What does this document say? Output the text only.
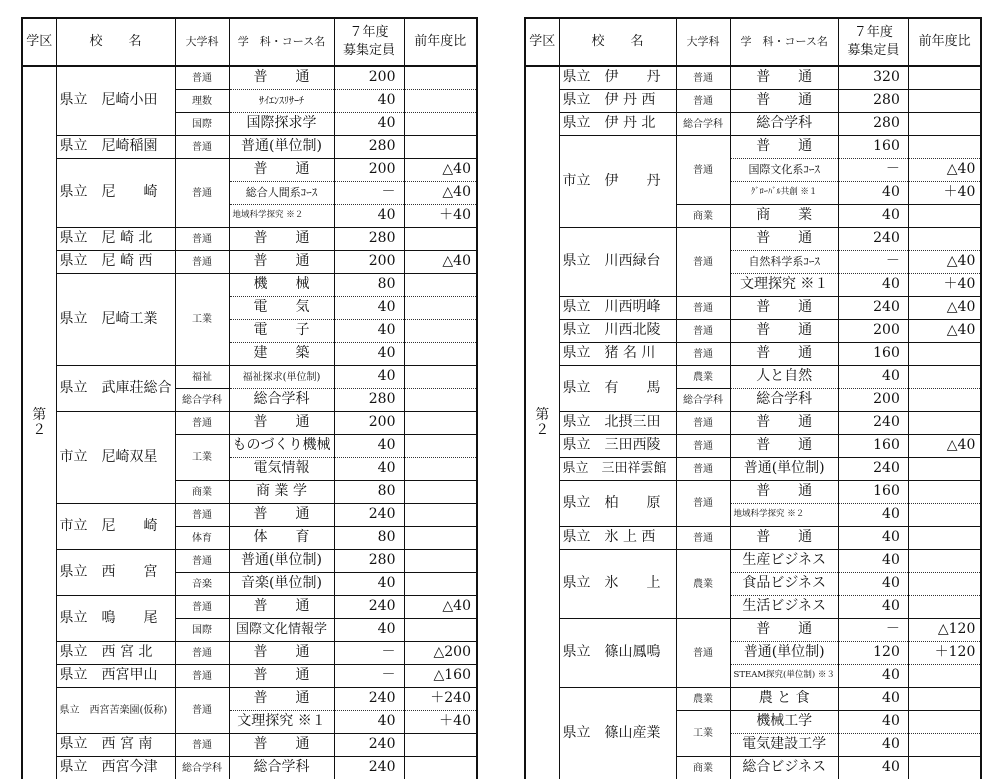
学区	校　　名	大学科	学　科・コース名	７年度
募集定員	前年度比
第
２	県立　尼崎小田	普通	普　　通	200	
		理数	ｻｲｴﾝｽﾘｻｰﾁ	40	
		国際	国際探求学	40	
	県立　尼崎稲園	普通	普通(単位制)	280	
	県立　尼　　崎	普通	普　　通	200	△40
			総合人間系ｺｰｽ	－	△40
			地域科学探究 ※２	40	＋40
	県立　尼 崎 北	普通	普　　通	280	
	県立　尼 崎 西	普通	普　　通	200	△40
	県立　尼崎工業	工業	機　　械	80	
			電　　気	40	
			電　　子	40	
			建　　築	40	
	県立　武庫荘総合	福祉	福祉探求(単位制)	40	
		総合学科	総合学科	280	
	市立　尼崎双星	普通	普　　通	200	
		工業	ものづくり機械	40	
			電気情報	40	
		商業	商 業 学	80	
	市立　尼　　崎	普通	普　　通	240	
		体育	体　　育	80	
	県立　西　　宮	普通	普通(単位制)	280	
		音楽	音楽(単位制)	40	
	県立　鳴　　尾	普通	普　　通	240	△40
		国際	国際文化情報学	40	
	県立　西 宮 北	普通	普　　通	－	△200
	県立　西宮甲山	普通	普　　通	－	△160
	県立　西宮苦楽園(仮称)	普通	普　　通	240	＋240
			文理探究 ※１	40	＋40
	県立　西 宮 南	普通	普　　通	240	
	県立　西宮今津	総合学科	総合学科	240	
学区	校　　名	大学科	学　科・コース名	７年度
募集定員	前年度比
第
２	県立　伊　　丹	普通	普　　通	320	
	県立　伊 丹 西	普通	普　　通	280	
	県立　伊 丹 北	総合学科	総合学科	280	
	市立　伊　　丹	普通	普　　通	160	
			国際文化系ｺｰｽ	－	△40
			ｸﾞﾛｰﾊﾞﾙ共創 ※１	40	＋40
		商業	商　　業	40	
	県立　川西緑台	普通	普　　通	240	
			自然科学系ｺｰｽ	－	△40
			文理探究 ※１	40	＋40
	県立　川西明峰	普通	普　　通	240	△40
	県立　川西北陵	普通	普　　通	200	△40
	県立　猪 名 川	普通	普　　通	160	
	県立　有　　馬	農業	人と自然	40	
		総合学科	総合学科	200	
	県立　北摂三田	普通	普　　通	240	
	県立　三田西陵	普通	普　　通	160	△40
	県立　三田祥雲館	普通	普通(単位制)	240	
	県立　柏　　原	普通	普　　通	160	
			地域科学探究 ※２	40	
	県立　氷 上 西	普通	普　　通	40	
	県立　氷　　上	農業	生産ビジネス	40	
			食品ビジネス	40	
			生活ビジネス	40	
	県立　篠山鳳鳴	普通	普　　通	－	△120
			普通(単位制)	120	＋120
			STEAM探究(単位制) ※３	40	
	県立　篠山産業	農業	農 と 食	40	
		工業	機械工学	40	
			電気建設工学	40	
		商業	総合ビジネス	40	
